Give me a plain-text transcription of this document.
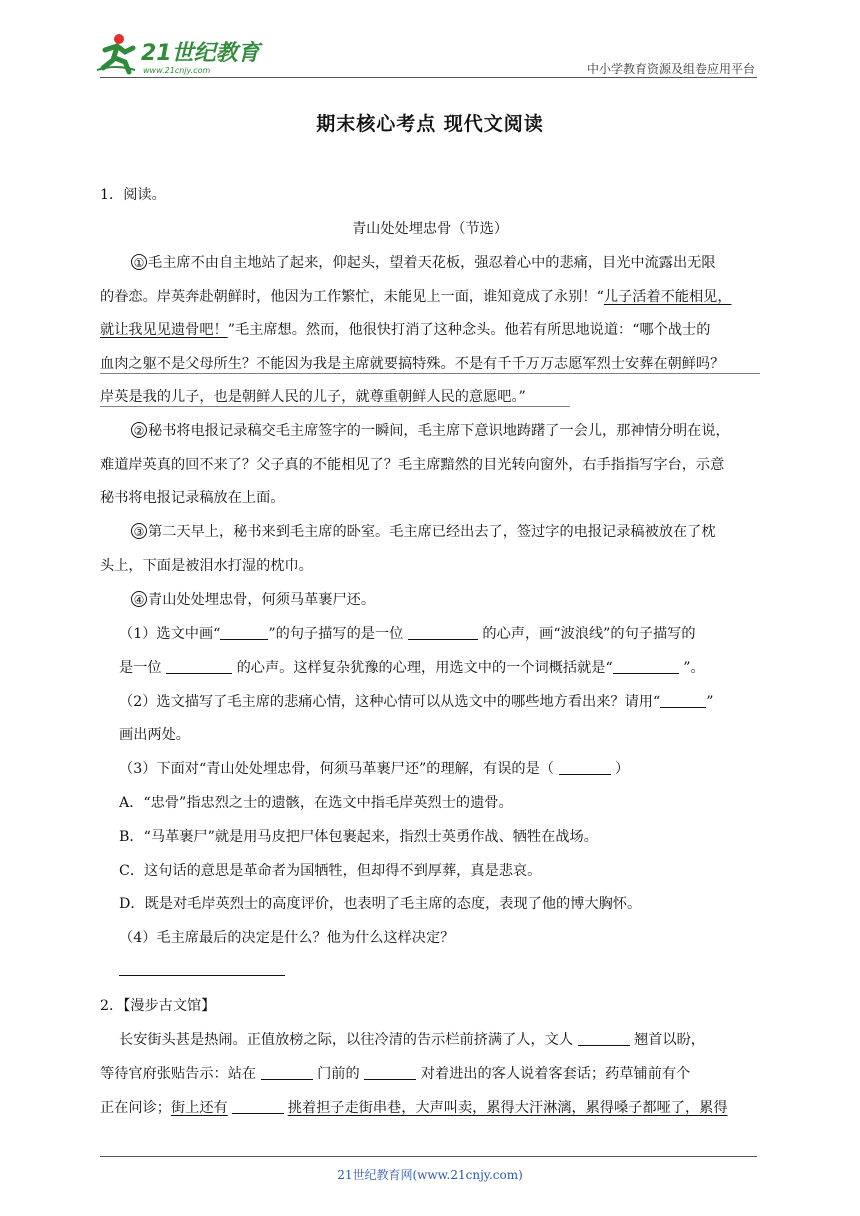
21世纪教育
www.21cnjy.com	中小学教育资源及组卷应用平台
期末核心考点 现代文阅读
1．阅读。
青山处处埋忠骨（节选）
① 毛主席不由自主地站了起来，仰起头，望着天花板，强忍着心中的悲痛，目光中流露出无限
的眷恋。岸英奔赴朝鲜时，他因为工作繁忙，未能见上一面，谁知竟成了永别！“儿子活着不能相见，
就让我见见遗骨吧！”毛主席想。然而，他很快打消了这种念头。他若有所思地说道：“哪个战士的
血肉之躯不是父母所生？不能因为我是主席就要搞特殊。不是有千千万万志愿军烈士安葬在朝鲜吗？
岸英是我的儿子，也是朝鲜人民的儿子，就尊重朝鲜人民的意愿吧。”
② 秘书将电报记录稿交毛主席签字的一瞬间，毛主席下意识地踌躇了一会儿，那神情分明在说，
难道岸英真的回不来了？父子真的不能相见了？毛主席黯然的目光转向窗外，右手指指写字台，示意
秘书将电报记录稿放在上面。
③ 第二天早上，秘书来到毛主席的卧室。毛主席已经出去了，签过字的电报记录稿被放在了枕
头上，下面是被泪水打湿的枕巾。
④ 青山处处埋忠骨，何须马革裹尸还。
（1）选文中画“	”的句子描写的是一位	的心声，画“波浪线”的句子描写的
是一位	的心声。这样复杂犹豫的心理，用选文中的一个词概括就是“	”。
（2）选文描写了毛主席的悲痛心情，这种心情可以从选文中的哪些地方看出来？请用“	”
画出两处。
（3）下面对“青山处处埋忠骨，何须马革裹尸还”的理解，有误的是（	）
A．“忠骨”指忠烈之士的遗骸，在选文中指毛岸英烈士的遗骨。
B．“马革裹尸”就是用马皮把尸体包裹起来，指烈士英勇作战、牺牲在战场。
C．这句话的意思是革命者为国牺牲，但却得不到厚葬，真是悲哀。
D．既是对毛岸英烈士的高度评价，也表明了毛主席的态度，表现了他的博大胸怀。
（4）毛主席最后的决定是什么？他为什么这样决定？
2．【漫步古文馆】
长安街头甚是热闹。正值放榜之际，以往冷清的告示栏前挤满了人，文人	翘首以盼，
等待官府张贴告示：站在	门前的	对着进出的客人说着客套话；药草铺前有个
正在问诊；街上还有	挑着担子走街串巷，大声叫卖，累得大汗淋漓，累得嗓子都哑了，累得
21世纪教育网(www.21cnjy.com)
